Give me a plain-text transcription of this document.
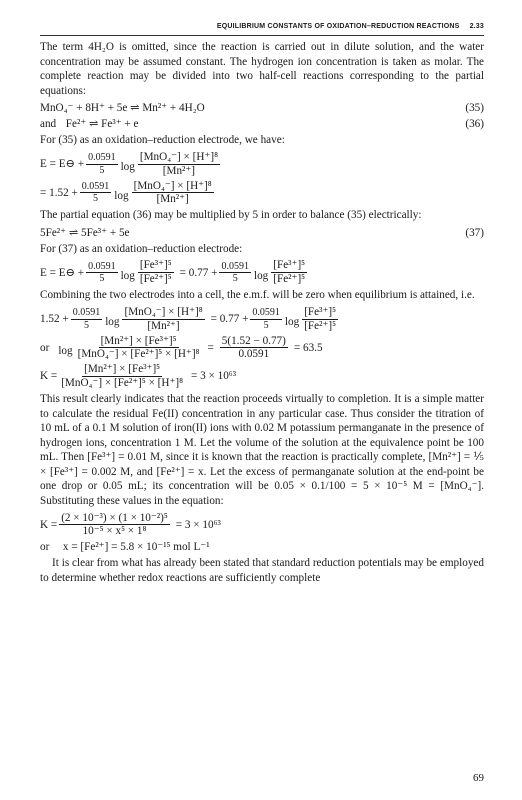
EQUILIBRIUM CONSTANTS OF OXIDATION–REDUCTION REACTIONS 2.33

The term 4H₂O is omitted, since the reaction is carried out in dilute solution, and the water concentration may be assumed constant. The hydrogen ion concentration is taken as molar. The complete reaction may be divided into two half-cell reactions corresponding to the partial equations:

MnO₄⁻ + 8H⁺ + 5e ⇌ Mn²⁺ + 4H₂O	(35)
and Fe²⁺ ⇌ Fe³⁺ + e	(36)

For (35) as an oxidation–reduction electrode, we have:

E = E⊖ + $\frac{0.0591}{5}$ $\log \frac{\text{[MnO₄⁻] × [H⁺]⁸}}{\text{[Mn²⁺]}}$
= $1.52 + \frac{0.0591}{5}$ $\log \frac{\text{[MnO₄⁻] × [H⁺]⁸}}{\text{[Mn²⁺]}}$

The partial equation (36) may be multiplied by 5 in order to balance (35) electrically:

5Fe²⁺ ⇌ 5Fe³⁺ + 5e	(37)

For (37) as an oxidation–reduction electrode:

E = E⊖ + $\frac{0.0591}{5}$ $\log \frac{\text{[Fe³⁺]⁵}}{\text{[Fe²⁺]⁵}} = 0.77 + \frac{0.0591}{5}$ $\log \frac{\text{[Fe³⁺]⁵}}{\text{[Fe²⁺]⁵}}$

Combining the two electrodes into a cell, the e.m.f. will be zero when equilibrium is attained, i.e.

$1.52 + \frac{0.0591}{5}$ $\log \frac{\text{[MnO₄⁻] × [H⁺]⁸}}{\text{[Mn²⁺]}} = 0.77 + \frac{0.0591}{5}$ $\log \frac{\text{[Fe³⁺]⁵}}{\text{[Fe²⁺]⁵}}$
or $\log \frac{\text{[Mn²⁺] × [Fe³⁺]⁵}}{\text{[MnO₄⁻] × [Fe²⁺]⁵ × [H⁺]⁸}} = \frac{5(1.52 - 0.77)}{0.0591} = 63.5$
$K = \frac{\text{[Mn²⁺] × [Fe³⁺]⁵}}{\text{[MnO₄⁻] × [Fe²⁺]⁵ × [H⁺]⁸}} = 3 \times 10^{63}$

This result clearly indicates that the reaction proceeds virtually to completion. It is a simple matter to calculate the residual Fe(II) concentration in any particular case. Thus consider the titration of 10 mL of a 0.1 M solution of iron(II) ions with 0.02 M potassium permanganate in the presence of hydrogen ions, concentration 1 M. Let the volume of the solution at the equivalence point be 100 mL. Then [Fe³⁺] = 0.01 M, since it is known that the reaction is practically complete, [Mn²⁺] = ⅕ × [Fe³⁺] = 0.002 M, and [Fe²⁺] = x. Let the excess of permanganate solution at the end-point be one drop or 0.05 mL; its concentration will be 0.05 × 0.1/100 = 5 × 10⁻⁵ M = [MnO₄⁻]. Substituting these values in the equation:

$K = \frac{\text{(2 × 10⁻³) × (1 × 10⁻²)⁵}}{\text{10⁻⁵ × x⁵ × 1⁸}} = 3 \times 10^{63}$
or x = [Fe²⁺] = 5.8 × 10⁻¹⁵ mol L⁻¹

It is clear from what has already been stated that standard reduction potentials may be employed to determine whether redox reactions are sufficiently complete

69
